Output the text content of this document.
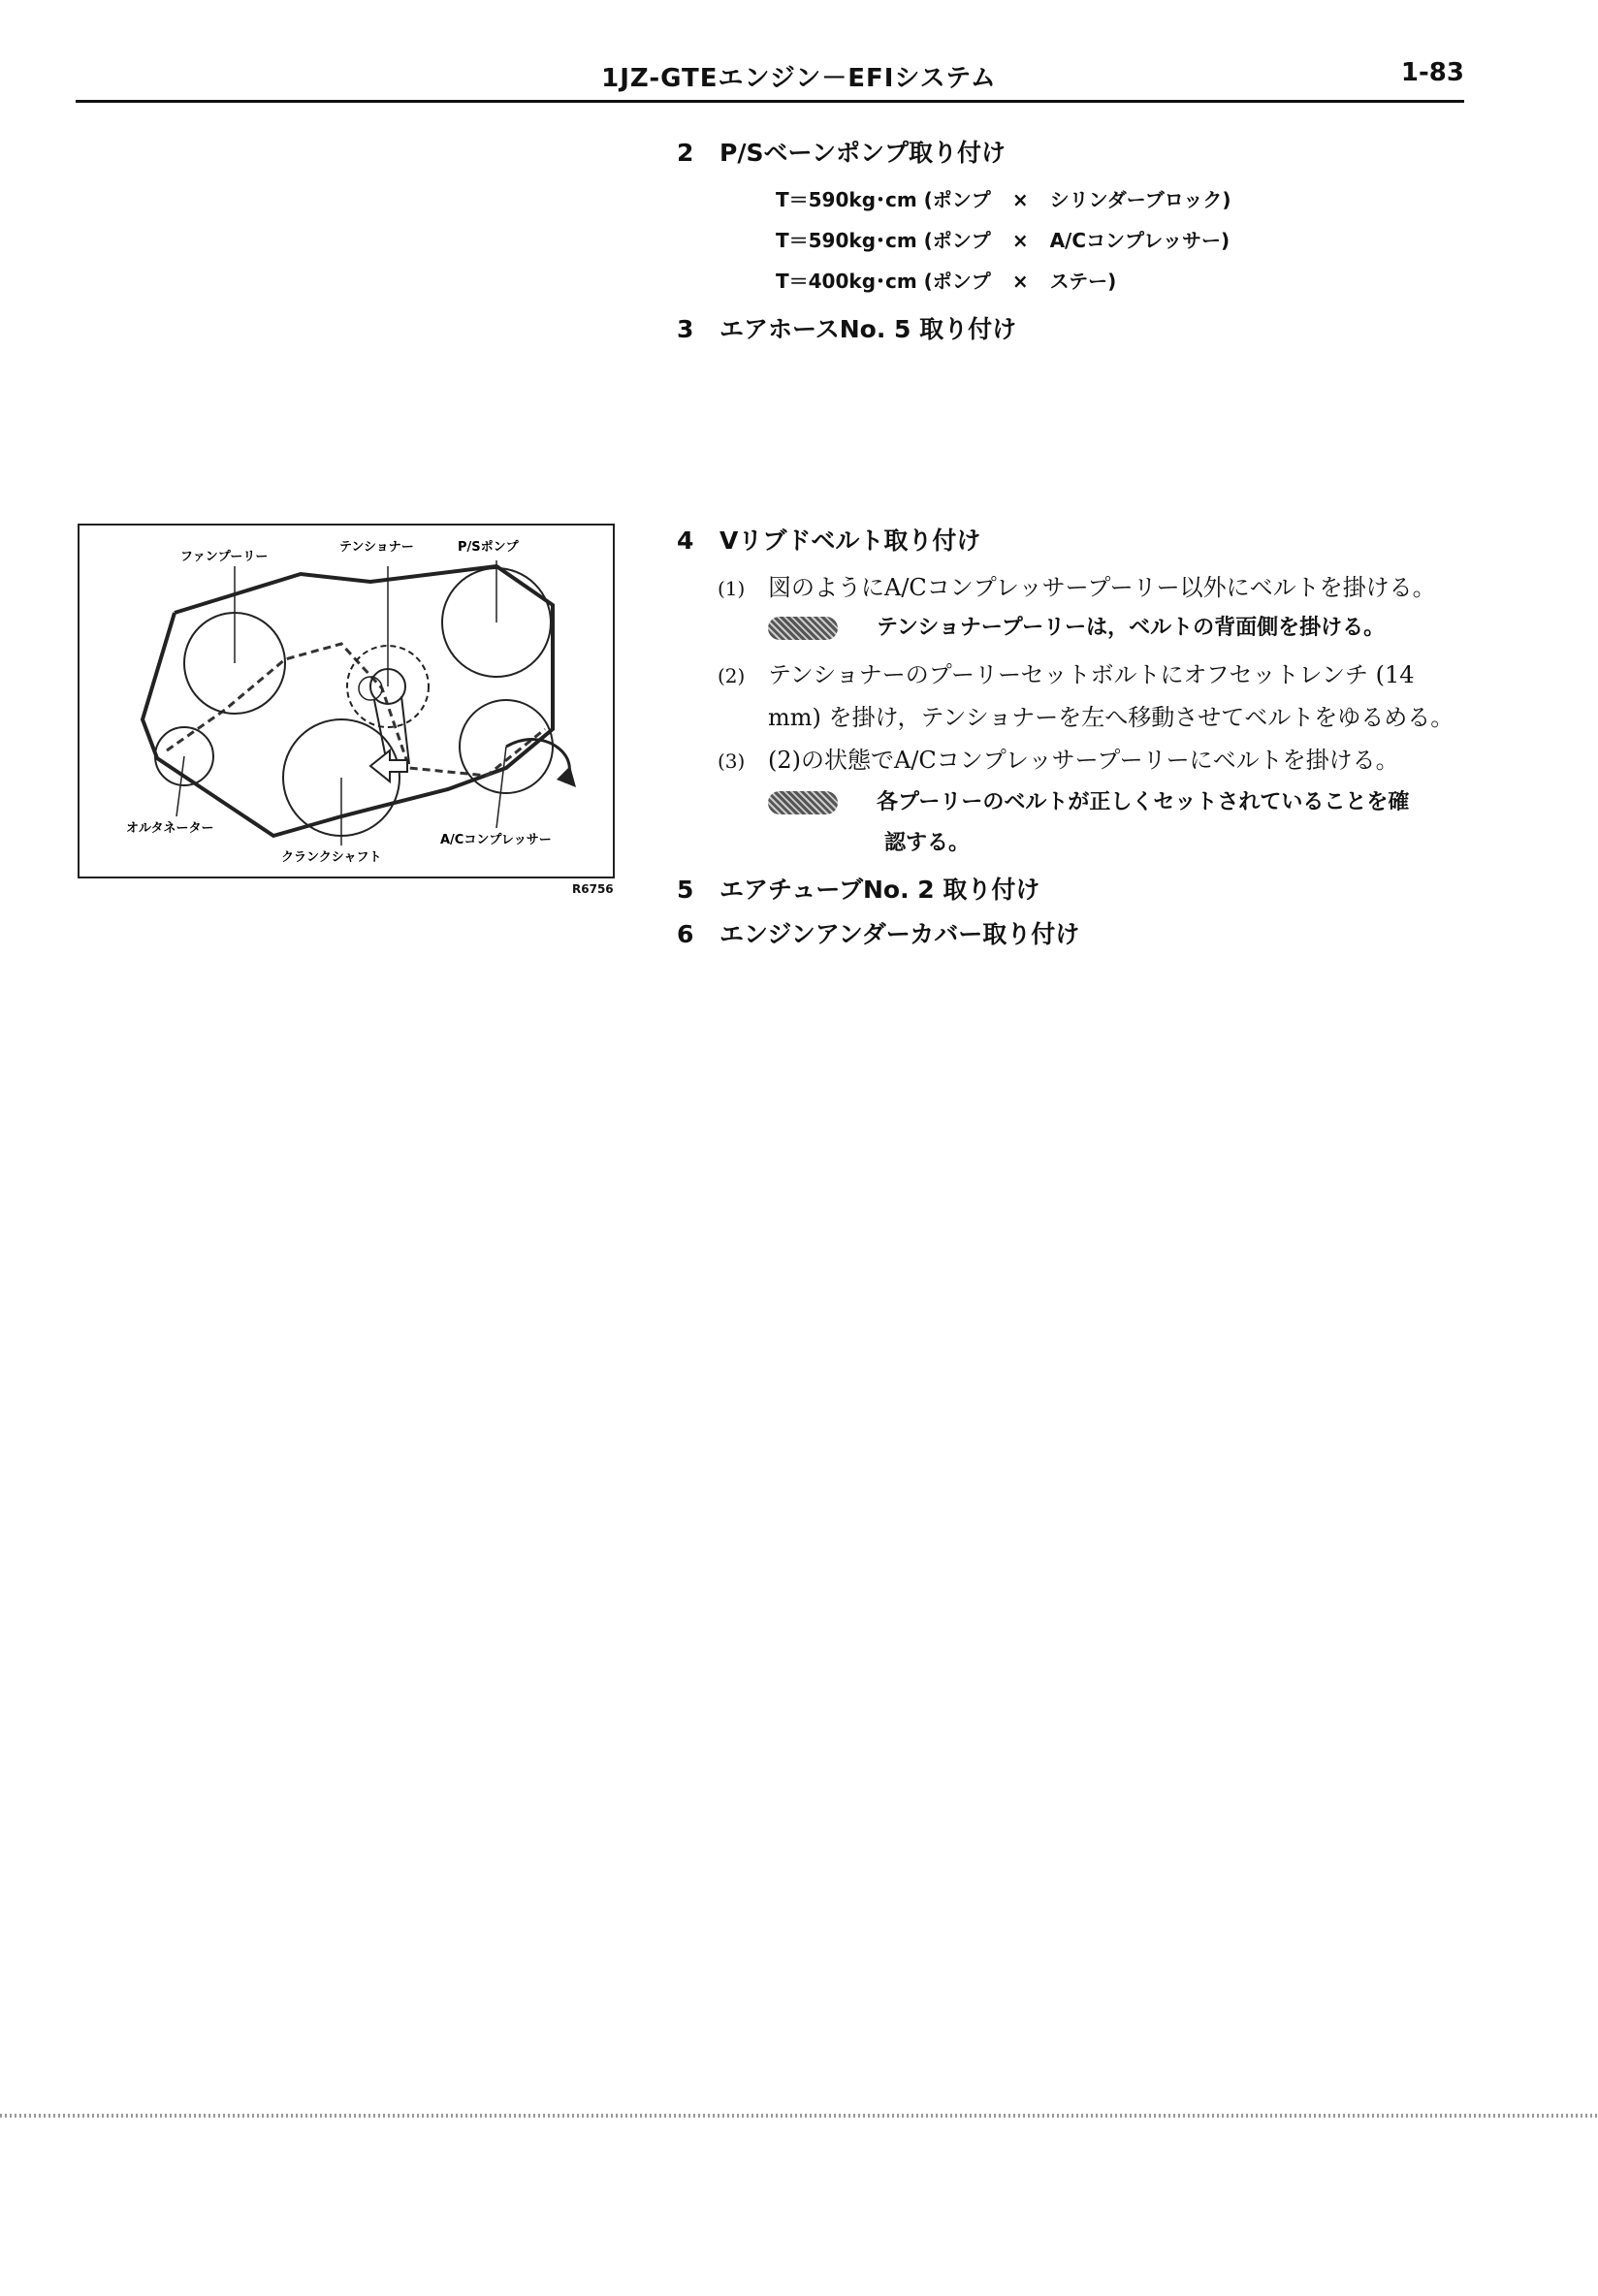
1JZ-GTEエンジン－EFIシステム	1-83
2 P/Sベーンポンプ取り付け
T＝590kg･cm (ポンプ × シリンダーブロック)
T＝590kg･cm (ポンプ × A/Cコンプレッサー)
T＝400kg･cm (ポンプ × ステー)
3 エアホースNo. 5 取り付け
4 Vリブドベルト取り付け
(1) 図のようにA/Cコンプレッサープーリー以外にベルトを掛ける。
テンショナープーリーは，ベルトの背面側を掛ける。
(2) テンショナーのプーリーセットボルトにオフセットレンチ (14
mm) を掛け，テンショナーを左へ移動させてベルトをゆるめる。
(3) (2)の状態でA/Cコンプレッサープーリーにベルトを掛ける。
各プーリーのベルトが正しくセットされていることを確
認する。
5 エアチューブNo. 2 取り付け
6 エンジンアンダーカバー取り付け
ファンプーリー
テンショナー	P/Sポンプ
オルタネーター
クランクシャフト
A/Cコンプレッサー
R6756
